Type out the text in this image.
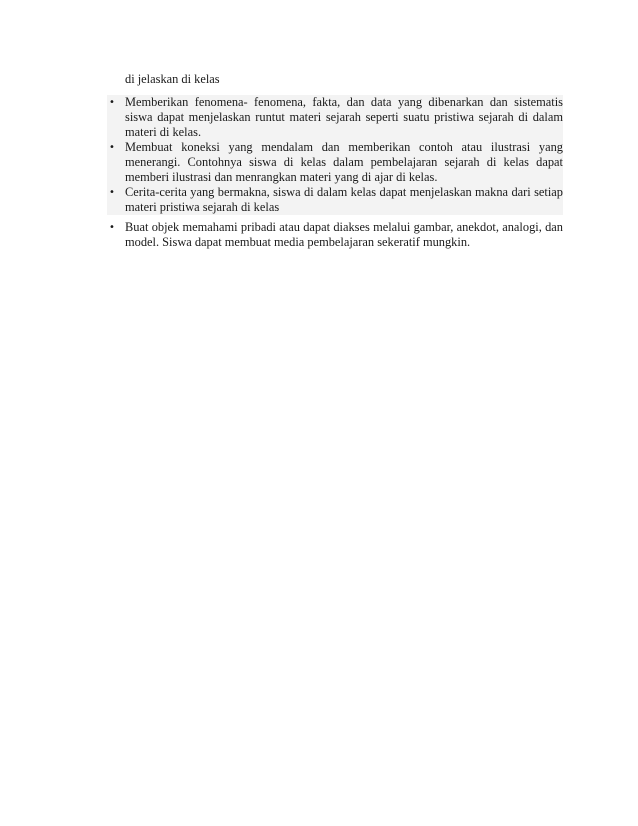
di jelaskan di kelas
• Memberikan fenomena- fenomena, fakta, dan data yang dibenarkan dan sistematis siswa dapat menjelaskan runtut materi sejarah seperti suatu pristiwa sejarah di dalam materi di kelas.
• Membuat koneksi yang mendalam dan memberikan contoh atau ilustrasi yang menerangi. Contohnya siswa di kelas dalam pembelajaran sejarah di kelas dapat memberi ilustrasi dan menrangkan materi yang di ajar di kelas.
• Cerita-cerita yang bermakna, siswa di dalam kelas dapat menjelaskan makna dari setiap materi pristiwa sejarah di kelas
• Buat objek memahami pribadi atau dapat diakses melalui gambar, anekdot, analogi, dan model. Siswa dapat membuat media pembelajaran sekeratif mungkin.
